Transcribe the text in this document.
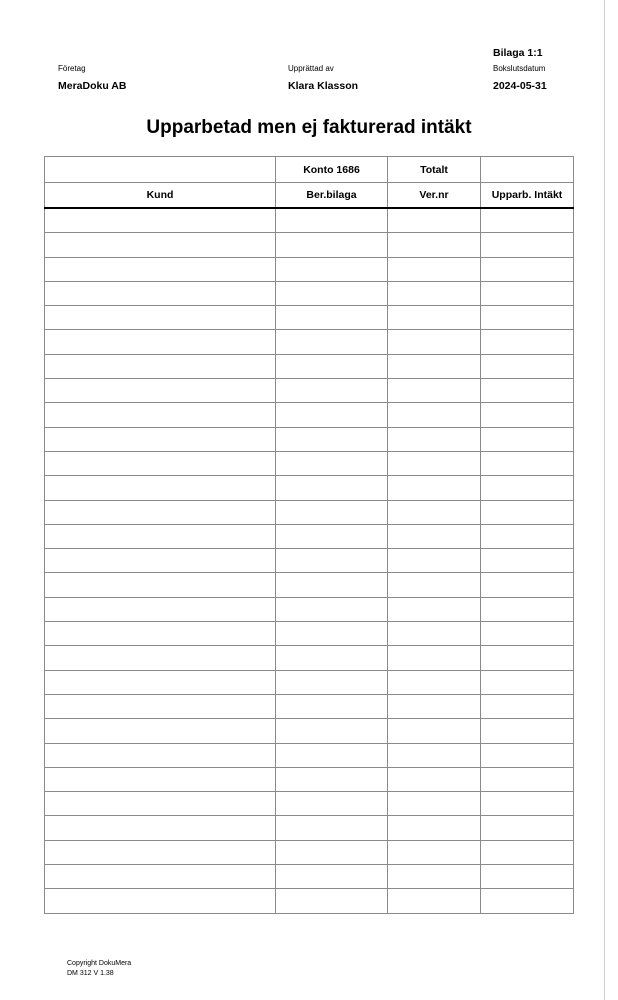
Bilaga 1:1
Företag
MeraDoku AB
Upprättad av
Klara Klasson
Bokslutsdatum
2024-05-31
Upparbetad men ej fakturerad intäkt
	Konto 1686	Totalt	
Kund	Ber.bilaga	Ver.nr	Upparb. Intäkt

Copyright DokuMera
DM 312 V 1.38
